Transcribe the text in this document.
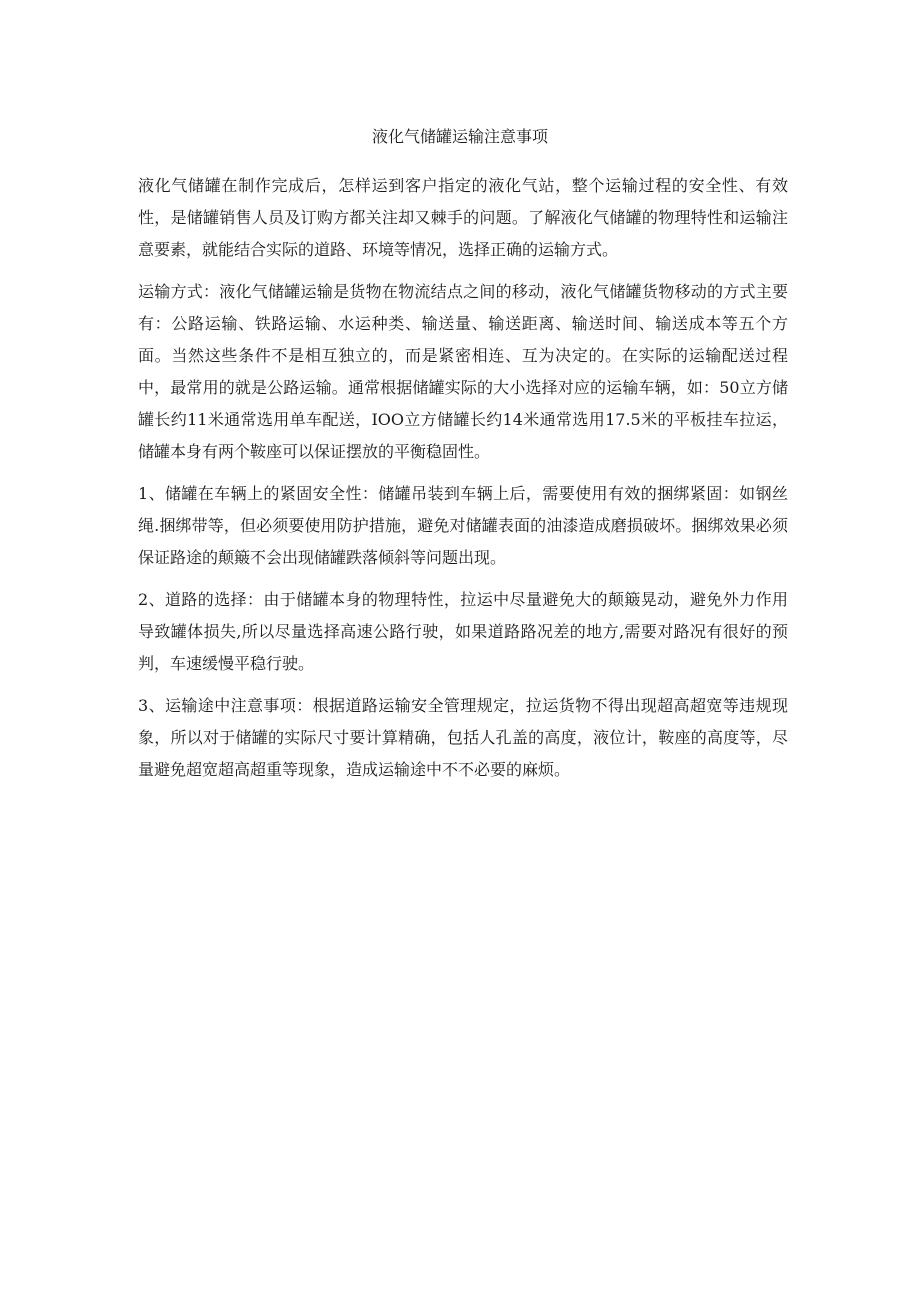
液化气储罐运输注意事项

液化气储罐在制作完成后，怎样运到客户指定的液化气站，整个运输过程的安全性、有效性，是储罐销售人员及订购方都关注却又棘手的问题。了解液化气储罐的物理特性和运输注意要素，就能结合实际的道路、环境等情况，选择正确的运输方式。

运输方式：液化气储罐运输是货物在物流结点之间的移动，液化气储罐货物移动的方式主要有：公路运输、铁路运输、水运种类、输送量、输送距离、输送时间、输送成本等五个方面。当然这些条件不是相互独立的，而是紧密相连、互为决定的。在实际的运输配送过程中，最常用的就是公路运输。通常根据储罐实际的大小选择对应的运输车辆，如：50立方储罐长约11米通常选用单车配送，IOO立方储罐长约14米通常选用17.5米的平板挂车拉运，储罐本身有两个鞍座可以保证摆放的平衡稳固性。

1、储罐在车辆上的紧固安全性：储罐吊装到车辆上后，需要使用有效的捆绑紧固：如钢丝绳.捆绑带等，但必须要使用防护措施，避免对储罐表面的油漆造成磨损破坏。捆绑效果必须保证路途的颠簸不会出现储罐跌落倾斜等问题出现。

2、道路的选择：由于储罐本身的物理特性，拉运中尽量避免大的颠簸晃动，避免外力作用导致罐体损失,所以尽量选择高速公路行驶，如果道路路况差的地方,需要对路况有很好的预判，车速缓慢平稳行驶。

3、运输途中注意事项：根据道路运输安全管理规定，拉运货物不得出现超高超宽等违规现象，所以对于储罐的实际尺寸要计算精确，包括人孔盖的高度，液位计，鞍座的高度等，尽量避免超宽超高超重等现象，造成运输途中不不必要的麻烦。
